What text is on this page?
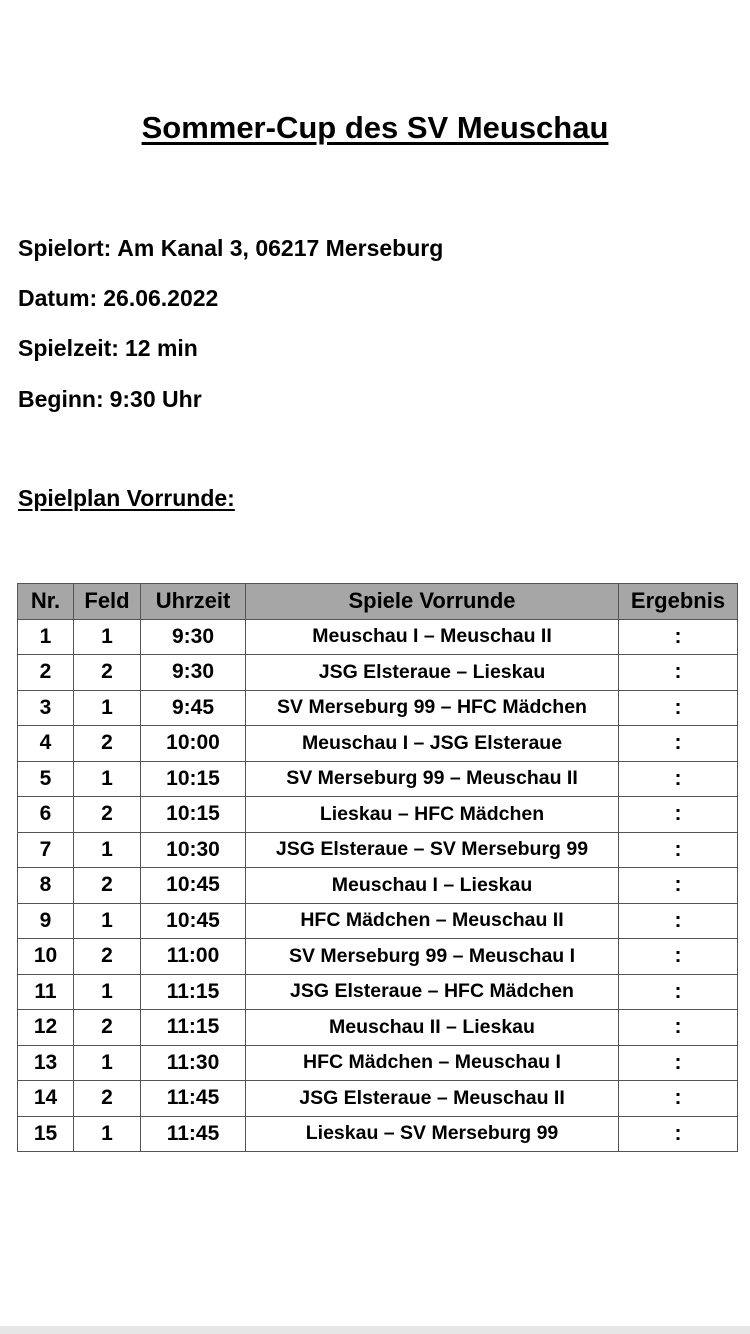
Sommer-Cup des SV Meuschau
Spielort: Am Kanal 3, 06217 Merseburg
Datum: 26.06.2022
Spielzeit: 12 min
Beginn: 9:30 Uhr
Spielplan Vorrunde:
Nr.	Feld	Uhrzeit	Spiele Vorrunde	Ergebnis
1	1	9:30	Meuschau I – Meuschau II	:
2	2	9:30	JSG Elsteraue – Lieskau	:
3	1	9:45	SV Merseburg 99 – HFC Mädchen	:
4	2	10:00	Meuschau I – JSG Elsteraue	:
5	1	10:15	SV Merseburg 99 – Meuschau II	:
6	2	10:15	Lieskau – HFC Mädchen	:
7	1	10:30	JSG Elsteraue – SV Merseburg 99	:
8	2	10:45	Meuschau I – Lieskau	:
9	1	10:45	HFC Mädchen – Meuschau II	:
10	2	11:00	SV Merseburg 99 – Meuschau I	:
11	1	11:15	JSG Elsteraue – HFC Mädchen	:
12	2	11:15	Meuschau II – Lieskau	:
13	1	11:30	HFC Mädchen – Meuschau I	:
14	2	11:45	JSG Elsteraue – Meuschau II	:
15	1	11:45	Lieskau – SV Merseburg 99	:
